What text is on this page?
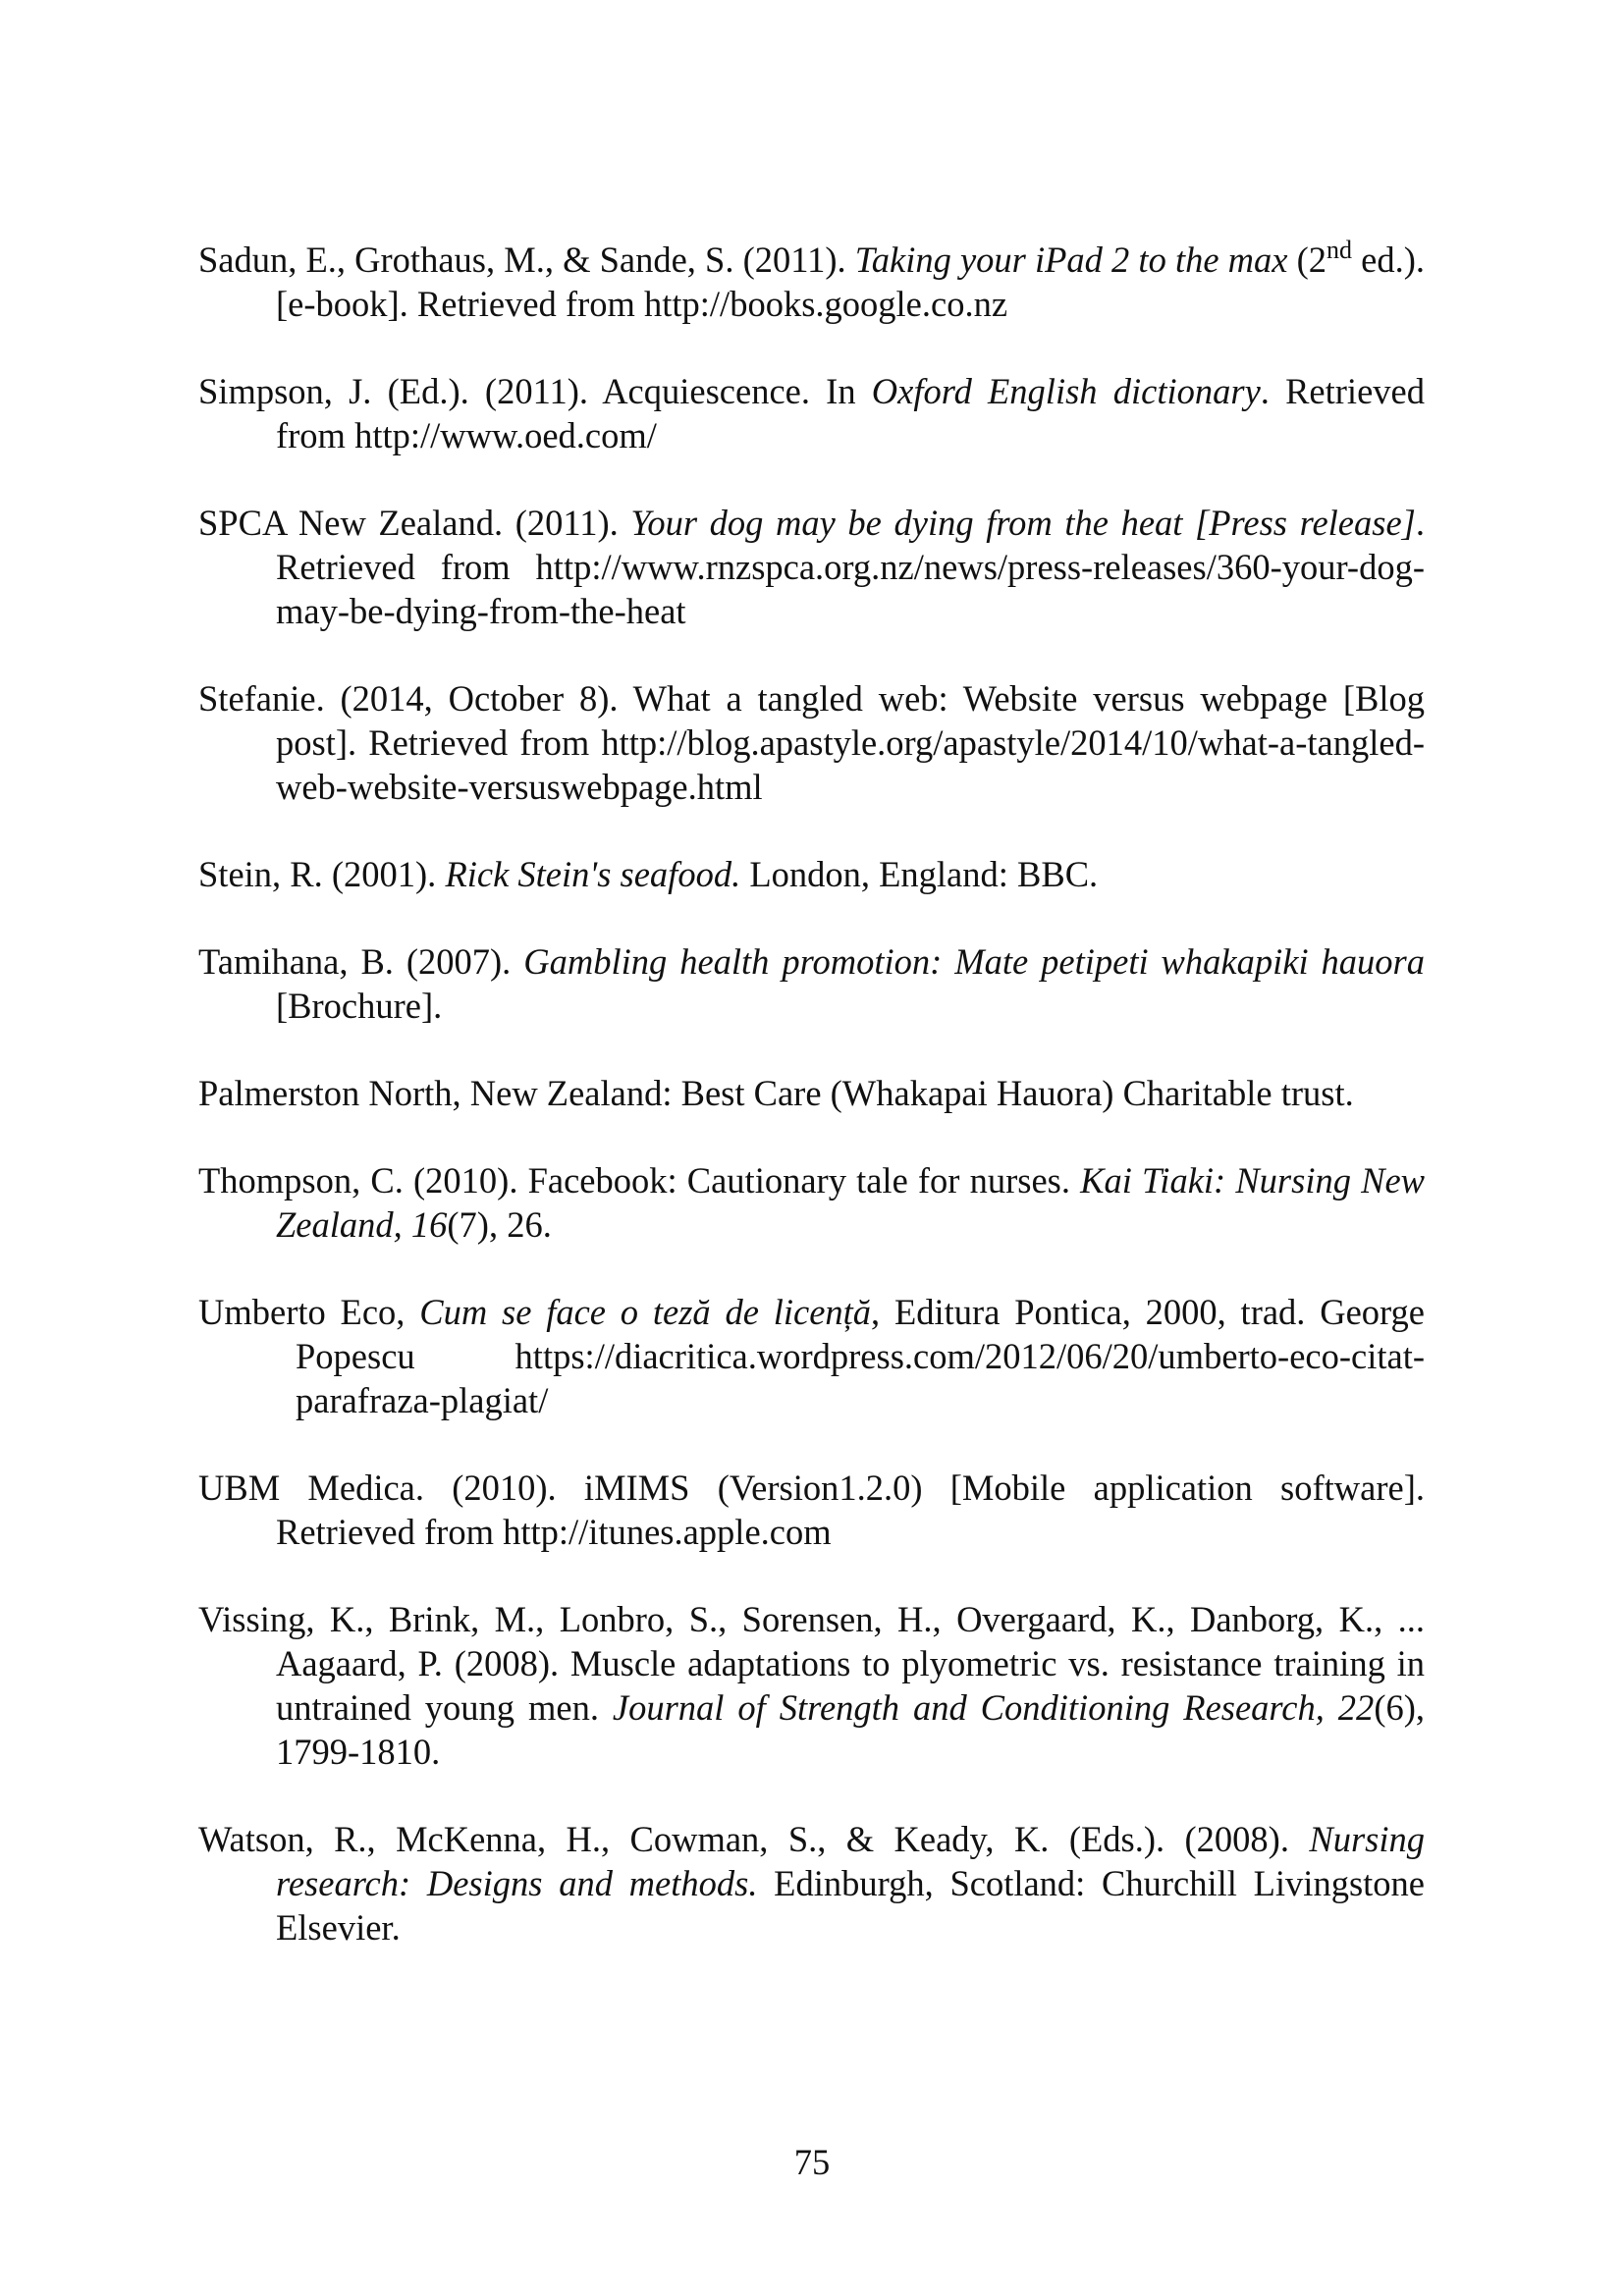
Sadun, E., Grothaus, M., & Sande, S. (2011). Taking your iPad 2 to the max (2nd ed.). [e-book]. Retrieved from http://books.google.co.nz

Simpson, J. (Ed.). (2011). Acquiescence. In Oxford English dictionary. Retrieved from http://www.oed.com/

SPCA New Zealand. (2011). Your dog may be dying from the heat [Press release]. Retrieved from http://www.rnzspca.org.nz/news/press-releases/360-your-dog-may-be-dying-from-the-heat

Stefanie. (2014, October 8). What a tangled web: Website versus webpage [Blog post]. Retrieved from http://blog.apastyle.org/apastyle/2014/10/what-a-tangled-web-website-versuswebpage.html

Stein, R. (2001). Rick Stein's seafood. London, England: BBC.

Tamihana, B. (2007). Gambling health promotion: Mate petipeti whakapiki hauora [Brochure].

Palmerston North, New Zealand: Best Care (Whakapai Hauora) Charitable trust.

Thompson, C. (2010). Facebook: Cautionary tale for nurses. Kai Tiaki: Nursing New Zealand, 16(7), 26.

Umberto Eco, Cum se face o teză de licență, Editura Pontica, 2000, trad. George Popescu https://diacritica.wordpress.com/2012/06/20/umberto-eco-citat-parafraza-plagiat/

UBM Medica. (2010). iMIMS (Version1.2.0) [Mobile application software]. Retrieved from http://itunes.apple.com

Vissing, K., Brink, M., Lonbro, S., Sorensen, H., Overgaard, K., Danborg, K., ... Aagaard, P. (2008). Muscle adaptations to plyometric vs. resistance training in untrained young men. Journal of Strength and Conditioning Research, 22(6), 1799-1810.

Watson, R., McKenna, H., Cowman, S., & Keady, K. (Eds.). (2008). Nursing research: Designs and methods. Edinburgh, Scotland: Churchill Livingstone Elsevier.

75
